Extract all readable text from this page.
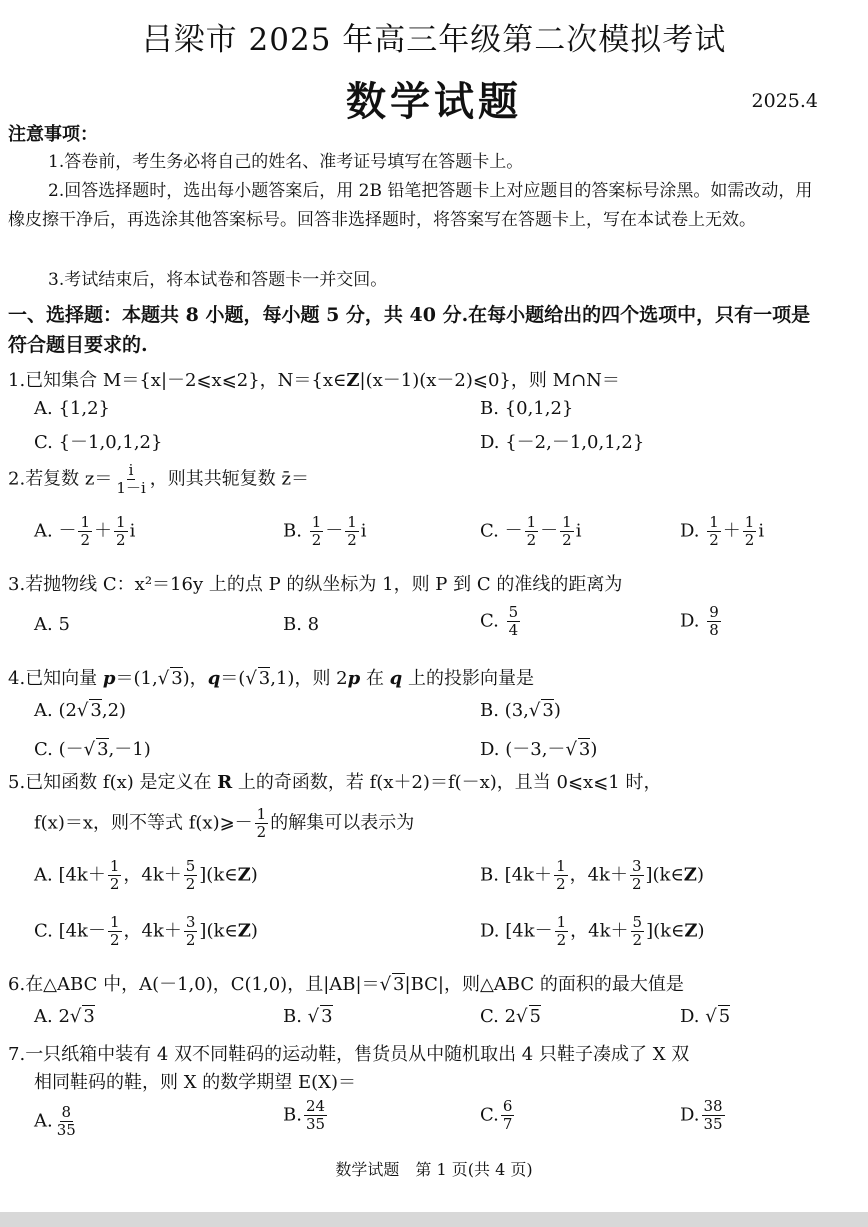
吕梁市 2025 年高三年级第二次模拟考试
数学试题	2025.4
注意事项：
1.答卷前，考生务必将自己的姓名、准考证号填写在答题卡上。
2.回答选择题时，选出每小题答案后，用 2B 铅笔把答题卡上对应题目的答案标号涂黑。如需改动，用橡皮擦干净后，再选涂其他答案标号。回答非选择题时，将答案写在答题卡上，写在本试卷上无效。
3.考试结束后，将本试卷和答题卡一并交回。
一、选择题：本题共 8 小题，每小题 5 分，共 40 分.在每小题给出的四个选项中，只有一项是符合题目要求的.
1.已知集合 M＝{x|－2⩽x⩽2}，N＝{x∈Z|(x－1)(x－2)⩽0}，则 M∩N＝
A. {1,2}	B. {0,1,2}
C. {－1,0,1,2}	D. {－2,－1,0,1,2}
2.若复数 $z= \frac{i}{1-i}$ ，则其共轭复数 z̄＝
A. － $\frac{1}{2} + \frac{1}{2}$ i	B. $\frac{1}{2} - \frac{1}{2}$ i	C. － $\frac{1}{2} - \frac{1}{2}$ i	D. $\frac{1}{2} + \frac{1}{2}$ i
3.若抛物线 C：x²＝16y 上的点 P 的纵坐标为 1，则 P 到 C 的准线的距离为
A. 5	B. 8	C. $\frac{5}{4}$	D. $\frac{9}{8}$
4.已知向量 p＝(1,√ 3)，q＝(√ 3,1)，则 2p 在 q 上的投影向量是
A. (2√ 3,2)	B. (3,√ 3)
C. (－√ 3,－1)	D. (－3,－√ 3)
5.已知函数 f(x) 是定义在 R 上的奇函数，若 f(x＋2)＝f(－x)，且当 0⩽x⩽1 时，
f(x)＝x，则不等式 f(x)⩾－ $\frac{1}{2}$ 的解集可以表示为
A. [$4k+ \frac{1}{2}$ ，$4k+ \frac{5}{2}$ ](k∈Z)	B. [$4k+ \frac{1}{2}$ ，$4k+ \frac{3}{2}$ ](k∈Z)
C. [$4k- \frac{1}{2}$ ，$4k+ \frac{3}{2}$ ](k∈Z)	D. [$4k- \frac{1}{2}$ ，$4k+ \frac{5}{2}$ ](k∈Z)
6.在△ABC 中，A(－1,0)，C(1,0)，且|AB|＝√ 3|BC|，则△ABC 的面积的最大值是
A. 2√ 3	B. √ 3	C. 2√ 5	D. √ 5
7.一只纸箱中装有 4 双不同鞋码的运动鞋，售货员从中随机取出 4 只鞋子凑成了 X 双
相同鞋码的鞋，则 X 的数学期望 E(X)＝
A. $\frac{8}{35}$	B. $\frac{24}{35}$	C. $\frac{6}{7}$	D. $\frac{38}{35}$
数学试题　第 1 页(共 4 页)
